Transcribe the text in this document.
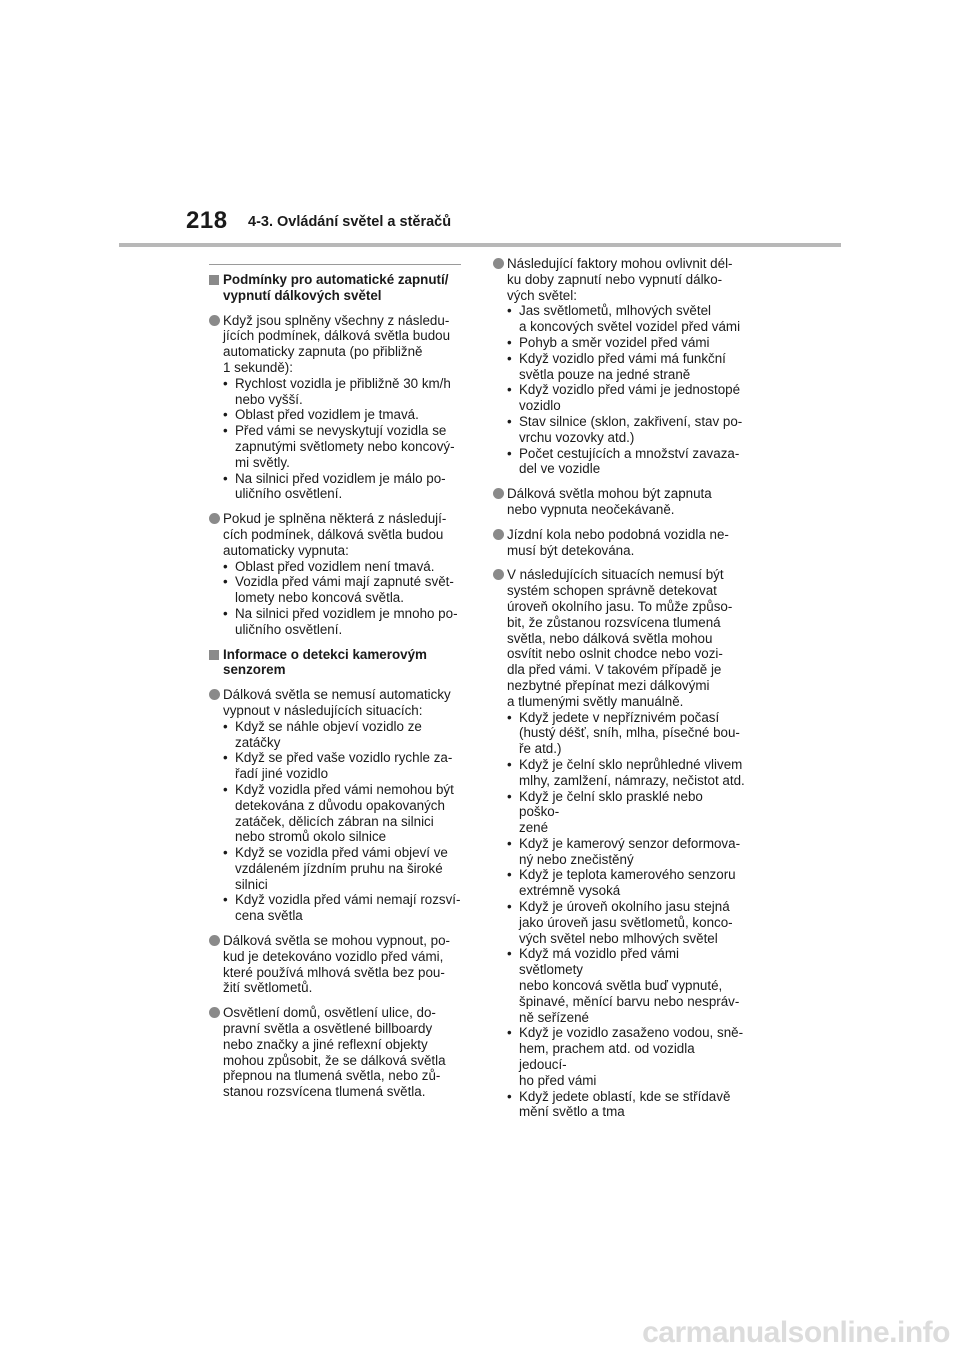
218 4-3. Ovládání světel a stěračů
Podmínky pro automatické zapnutí/
vypnutí dálkových světel
Když jsou splněny všechny z následu-
jících podmínek, dálková světla budou
automaticky zapnuta (po přibližně
1 sekundě):
• Rychlost vozidla je přibližně 30 km/h
nebo vyšší.
• Oblast před vozidlem je tmavá.
• Před vámi se nevyskytují vozidla se
zapnutými světlomety nebo koncový-
mi světly.
• Na silnici před vozidlem je málo po-
uličního osvětlení.
Pokud je splněna některá z následují-
cích podmínek, dálková světla budou
automaticky vypnuta:
• Oblast před vozidlem není tmavá.
• Vozidla před vámi mají zapnuté svět-
lomety nebo koncová světla.
• Na silnici před vozidlem je mnoho po-
uličního osvětlení.
Informace o detekci kamerovým
senzorem
Dálková světla se nemusí automaticky
vypnout v následujících situacích:
• Když se náhle objeví vozidlo ze zatáčky
• Když se před vaše vozidlo rychle za-
řadí jiné vozidlo
• Když vozidla před vámi nemohou být
detekována z důvodu opakovaných
zatáček, dělicích zábran na silnici
nebo stromů okolo silnice
• Když se vozidla před vámi objeví ve
vzdáleném jízdním pruhu na široké
silnici
• Když vozidla před vámi nemají rozsví-
cena světla
Dálková světla se mohou vypnout, po-
kud je detekováno vozidlo před vámi,
které používá mlhová světla bez pou-
žití světlometů.
Osvětlení domů, osvětlení ulice, do-
pravní světla a osvětlené billboardy
nebo značky a jiné reflexní objekty
mohou způsobit, že se dálková světla
přepnou na tlumená světla, nebo zů-
stanou rozsvícena tlumená světla.
Následující faktory mohou ovlivnit dél-
ku doby zapnutí nebo vypnutí dálko-
vých světel:
• Jas světlometů, mlhových světel
a koncových světel vozidel před vámi
• Pohyb a směr vozidel před vámi
• Když vozidlo před vámi má funkční
světla pouze na jedné straně
• Když vozidlo před vámi je jednostopé
vozidlo
• Stav silnice (sklon, zakřivení, stav po-
vrchu vozovky atd.)
• Počet cestujících a množství zavaza-
del ve vozidle
Dálková světla mohou být zapnuta
nebo vypnuta neočekávaně.
Jízdní kola nebo podobná vozidla ne-
musí být detekována.
V následujících situacích nemusí být
systém schopen správně detekovat
úroveň okolního jasu. To může způso-
bit, že zůstanou rozsvícena tlumená
světla, nebo dálková světla mohou
osvítit nebo oslnit chodce nebo vozi-
dla před vámi. V takovém případě je
nezbytné přepínat mezi dálkovými
a tlumenými světly manuálně.
• Když jedete v nepříznivém počasí
(hustý déšť, sníh, mlha, písečné bou-
ře atd.)
• Když je čelní sklo neprůhledné vlivem
mlhy, zamlžení, námrazy, nečistot atd.
• Když je čelní sklo prasklé nebo poško-
zené
• Když je kamerový senzor deformova-
ný nebo znečistěný
• Když je teplota kamerového senzoru
extrémně vysoká
• Když je úroveň okolního jasu stejná
jako úroveň jasu světlometů, konco-
vých světel nebo mlhových světel
• Když má vozidlo před vámi světlomety
nebo koncová světla buď vypnuté,
špinavé, měnící barvu nebo nespráv-
ně seřízené
• Když je vozidlo zasaženo vodou, sně-
hem, prachem atd. od vozidla jedoucí-
ho před vámi
• Když jedete oblastí, kde se střídavě
mění světlo a tma
carmanualsonline.info
